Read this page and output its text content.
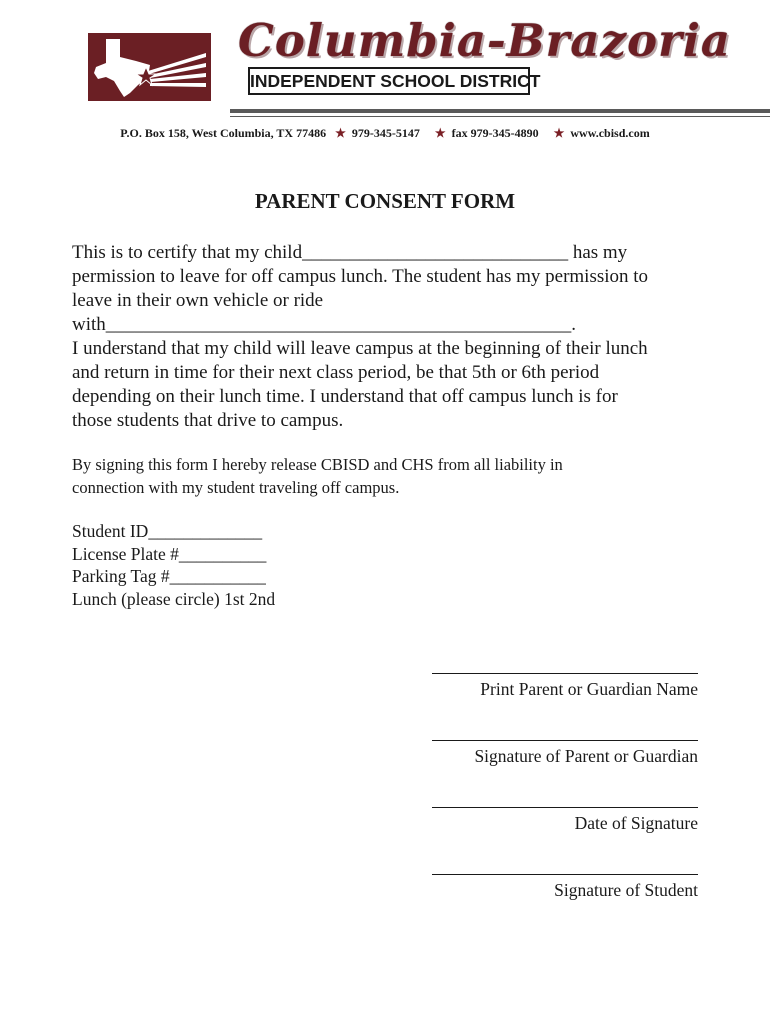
Columbia-Brazoria
INDEPENDENT SCHOOL DISTRICT
P.O. Box 158, West Columbia, TX 77486 ★ 979-345-5147 ★ fax 979-345-4890 ★ www.cbisd.com
PARENT CONSENT FORM
This is to certify that my child____________________________ has my
permission to leave for off campus lunch. The student has my permission to
leave in their own vehicle or ride
with_________________________________________________.
I understand that my child will leave campus at the beginning of their lunch
and return in time for their next class period, be that 5th or 6th period
depending on their lunch time. I understand that off campus lunch is for
those students that drive to campus.
By signing this form I hereby release CBISD and CHS from all liability in
connection with my student traveling off campus.
Student ID_____________
License Plate #__________
Parking Tag #___________
Lunch (please circle) 1st 2nd
Print Parent or Guardian Name
Signature of Parent or Guardian
Date of Signature
Signature of Student
